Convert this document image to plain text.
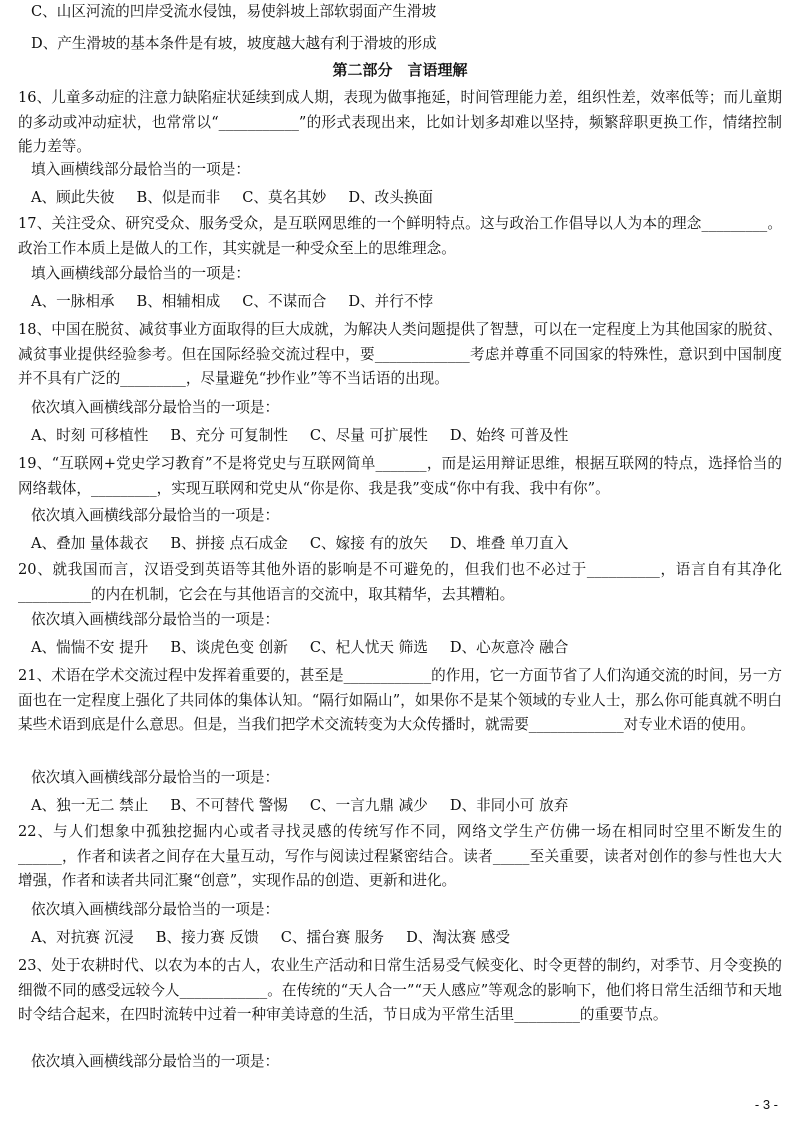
C、山区河流的凹岸受流水侵蚀，易使斜坡上部软弱面产生滑坡
D、产生滑坡的基本条件是有坡，坡度越大越有利于滑坡的形成
第二部分　言语理解
16、儿童多动症的注意力缺陷症状延续到成人期，表现为做事拖延，时间管理能力差，组织性差，效率低等；而儿童期的多动或冲动症状，也常常以“___________”的形式表现出来，比如计划多却难以坚持，频繁辞职更换工作，情绪控制能力差等。
填入画横线部分最恰当的一项是：
A、顾此失彼 B、似是而非 C、莫名其妙 D、改头换面
17、关注受众、研究受众、服务受众，是互联网思维的一个鲜明特点。这与政治工作倡导以人为本的理念_________。政治工作本质上是做人的工作，其实就是一种受众至上的思维理念。
填入画横线部分最恰当的一项是：
A、一脉相承 B、相辅相成 C、不谋而合 D、并行不悖
18、中国在脱贫、减贫事业方面取得的巨大成就，为解决人类问题提供了智慧，可以在一定程度上为其他国家的脱贫、减贫事业提供经验参考。但在国际经验交流过程中，要_____________考虑并尊重不同国家的特殊性，意识到中国制度并不具有广泛的_________，尽量避免“抄作业”等不当话语的出现。
依次填入画横线部分最恰当的一项是：
A、时刻 可移植性 B、充分 可复制性 C、尽量 可扩展性 D、始终 可普及性
19、“互联网+党史学习教育”不是将党史与互联网简单_______，而是运用辩证思维，根据互联网的特点，选择恰当的网络载体，_________，实现互联网和党史从“你是你、我是我”变成“你中有我、我中有你”。
依次填入画横线部分最恰当的一项是：
A、叠加 量体裁衣 B、拼接 点石成金 C、嫁接 有的放矢 D、堆叠 单刀直入
20、就我国而言，汉语受到英语等其他外语的影响是不可避免的，但我们也不必过于__________，语言自有其净化__________的内在机制，它会在与其他语言的交流中，取其精华，去其糟粕。
依次填入画横线部分最恰当的一项是：
A、惴惴不安 提升 B、谈虎色变 创新 C、杞人忧天 筛选 D、心灰意冷 融合
21、术语在学术交流过程中发挥着重要的，甚至是____________的作用，它一方面节省了人们沟通交流的时间，另一方面也在一定程度上强化了共同体的集体认知。“隔行如隔山”，如果你不是某个领域的专业人士，那么你可能真就不明白某些术语到底是什么意思。但是，当我们把学术交流转变为大众传播时，就需要_____________对专业术语的使用。
依次填入画横线部分最恰当的一项是：
A、独一无二 禁止 B、不可替代 警惕 C、一言九鼎 减少 D、非同小可 放弃
22、与人们想象中孤独挖掘内心或者寻找灵感的传统写作不同，网络文学生产仿佛一场在相同时空里不断发生的______，作者和读者之间存在大量互动，写作与阅读过程紧密结合。读者_____至关重要，读者对创作的参与性也大大增强，作者和读者共同汇聚“创意”，实现作品的创造、更新和进化。
依次填入画横线部分最恰当的一项是：
A、对抗赛 沉浸 B、接力赛 反馈 C、擂台赛 服务 D、淘汰赛 感受
23、处于农耕时代、以农为本的古人，农业生产活动和日常生活易受气候变化、时令更替的制约，对季节、月令变换的细微不同的感受远较今人____________。在传统的“天人合一”“天人感应”等观念的影响下，他们将日常生活细节和天地时令结合起来，在四时流转中过着一种审美诗意的生活，节日成为平常生活里_________的重要节点。
依次填入画横线部分最恰当的一项是：
- 3 -
